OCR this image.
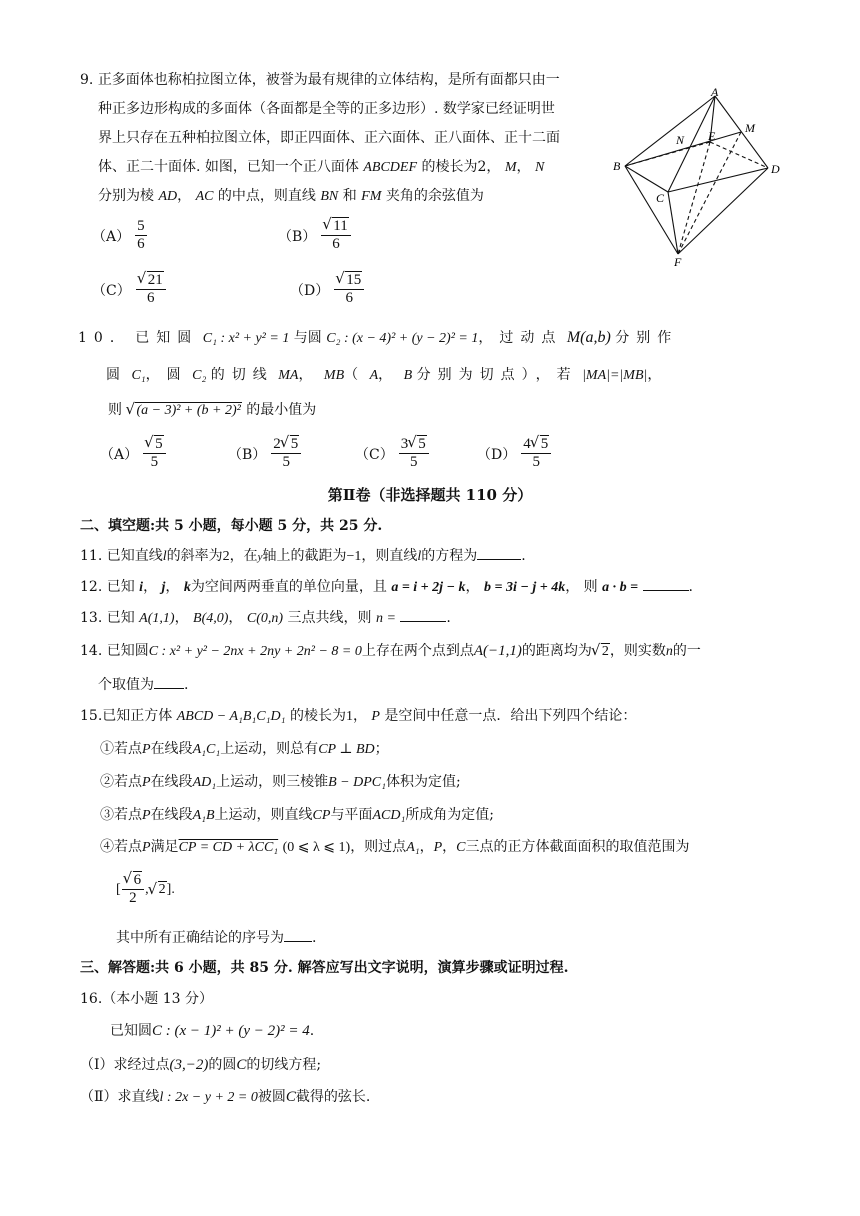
9. 正多面体也称柏拉图立体，被誉为最有规律的立体结构，是所有面都只由一
种正多边形构成的多面体（各面都是全等的正多边形）. 数学家已经证明世
界上只存在五种柏拉图立体，即正四面体、正六面体、正八面体、正十二面
体、正二十面体. 如图，已知一个正八面体 ABCDEF 的棱长为2， M， N
分别为棱 AD， AC 的中点，则直线 BN 和 FM 夹角的余弦值为
$(A) \frac{5}{6}$	（B） √ $\frac{11}{6}$
（C） √ $\frac{21}{6}$	（D） √ $\frac{15}{6}$
A
B
C
D
E
F
M
N
10． 已知圆 C₁ : x² + y² = 1 与圆 C₂ : (x − 4)² + (y − 2)² = 1，过动点 M(a,b) 分别作
圆 C₁，圆 C₂ 的切线 MA， MB（ A， B 分别为切点），若 |MA|=|MB|，
则 √ (a − 3)² + (b + 2)² 的最小值为
（A） √ $\frac{5}{5}$	$(B) \frac{2 √ 5}{5}$	$(C) \frac{3 √ 5}{5}$	$(D) \frac{4 √ 5}{5}$
第Ⅱ卷（非选择题共 110 分）
二、填空题:共 5 小题，每小题 5 分，共 25 分.
11. 已知直线l的斜率为2，在y轴上的截距为−1，则直线l的方程为	.
12. 已知 i， j， k为空间两两垂直的单位向量，且 a = i + 2j − k， b = 3i − j + 4k， 则 a · b =	.
13. 已知 A(1,1)， B(4,0)， C(0,n) 三点共线，则 n =	.
14. 已知圆C : x² + y² − 2nx + 2ny + 2n² − 8 = 0上存在两个点到点A(−1,1)的距离均为 √ 2，则实数n的一
个取值为 .
15.已知正方体 ABCD − A₁B₁C₁D₁ 的棱长为1， P 是空间中任意一点．给出下列四个结论：
①若点P在线段A₁C₁上运动，则总有CP ⊥ BD；
②若点P在线段AD₁上运动，则三棱锥B − DPC₁体积为定值;
③若点P在线段A₁B上运动，则直线CP与平面ACD₁所成角为定值;
④若点P满足CP = CD + λCC₁ (0 ⩽ λ ⩽ 1)，则过点A₁，P，C三点的正方体截面面积的取值范围为
[ √ $\frac{6}{2}$ , √ 2 ].
其中所有正确结论的序号为 .
三、解答题:共 6 小题，共 85 分. 解答应写出文字说明，演算步骤或证明过程.
16.（本小题 13 分）
已知圆C : (x − 1)² + (y − 2)² = 4.
（Ⅰ）求经过点(3,−2)的圆C的切线方程;
（Ⅱ）求直线l : 2x − y + 2 = 0被圆C截得的弦长.
